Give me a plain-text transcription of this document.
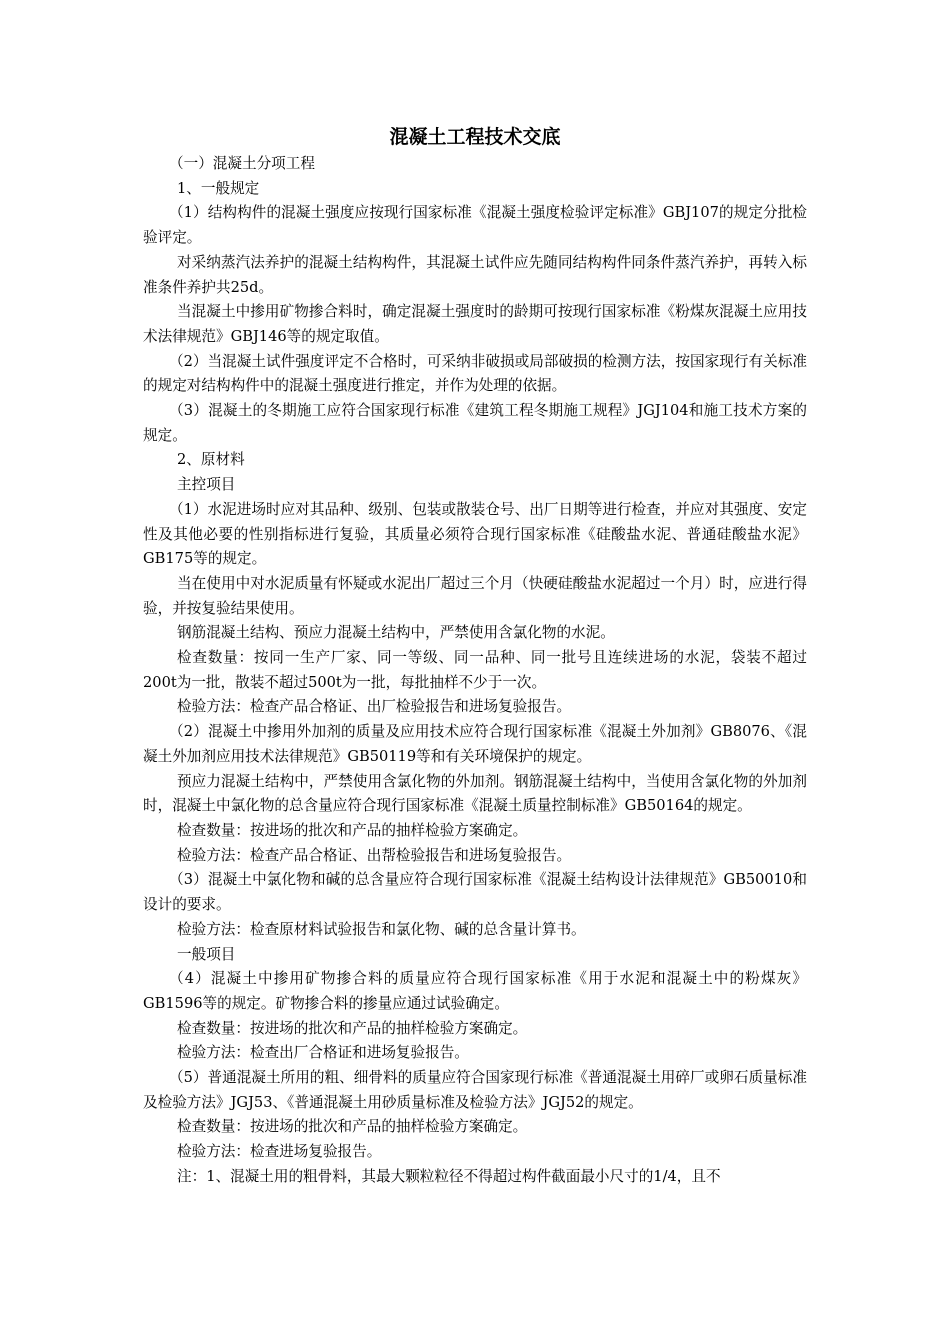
混凝土工程技术交底

（一）混凝土分项工程

1、一般规定

（1）结构构件的混凝土强度应按现行国家标准《混凝土强度检验评定标准》GBJ107的规定分批检验评定。

对采纳蒸汽法养护的混凝土结构构件，其混凝土试件应先随同结构构件同条件蒸汽养护，再转入标准条件养护共25d。

当混凝土中掺用矿物掺合料时，确定混凝土强度时的龄期可按现行国家标准《粉煤灰混凝土应用技术法律规范》GBJ146等的规定取值。

（2）当混凝土试件强度评定不合格时，可采纳非破损或局部破损的检测方法，按国家现行有关标准的规定对结构构件中的混凝土强度进行推定，并作为处理的依据。

（3）混凝土的冬期施工应符合国家现行标准《建筑工程冬期施工规程》JGJ104和施工技术方案的规定。

2、原材料

主控项目

（1）水泥进场时应对其品种、级别、包装或散装仓号、出厂日期等进行检查，并应对其强度、安定性及其他必要的性别指标进行复验，其质量必须符合现行国家标准《硅酸盐水泥、普通硅酸盐水泥》GB175等的规定。

当在使用中对水泥质量有怀疑或水泥出厂超过三个月（快硬硅酸盐水泥超过一个月）时，应进行得验，并按复验结果使用。

钢筋混凝土结构、预应力混凝土结构中，严禁使用含氯化物的水泥。

检查数量：按同一生产厂家、同一等级、同一品种、同一批号且连续进场的水泥，袋装不超过200t为一批，散装不超过500t为一批，每批抽样不少于一次。

检验方法：检查产品合格证、出厂检验报告和进场复验报告。

（2）混凝土中掺用外加剂的质量及应用技术应符合现行国家标准《混凝土外加剂》GB8076、《混凝土外加剂应用技术法律规范》GB50119等和有关环境保护的规定。

预应力混凝土结构中，严禁使用含氯化物的外加剂。钢筋混凝土结构中，当使用含氯化物的外加剂时，混凝土中氯化物的总含量应符合现行国家标准《混凝土质量控制标准》GB50164的规定。

检查数量：按进场的批次和产品的抽样检验方案确定。

检验方法：检查产品合格证、出帮检验报告和进场复验报告。

（3）混凝土中氯化物和碱的总含量应符合现行国家标准《混凝土结构设计法律规范》GB50010和设计的要求。

检验方法：检查原材料试验报告和氯化物、碱的总含量计算书。

一般项目

（4）混凝土中掺用矿物掺合料的质量应符合现行国家标准《用于水泥和混凝土中的粉煤灰》GB1596等的规定。矿物掺合料的掺量应通过试验确定。

检查数量：按进场的批次和产品的抽样检验方案确定。

检验方法：检查出厂合格证和进场复验报告。

（5）普通混凝土所用的粗、细骨料的质量应符合国家现行标准《普通混凝土用碎厂或卵石质量标准及检验方法》JGJ53、《普通混凝土用砂质量标准及检验方法》JGJ52的规定。

检查数量：按进场的批次和产品的抽样检验方案确定。

检验方法：检查进场复验报告。

注：1、混凝土用的粗骨料，其最大颗粒粒径不得超过构件截面最小尺寸的1/4，且不
